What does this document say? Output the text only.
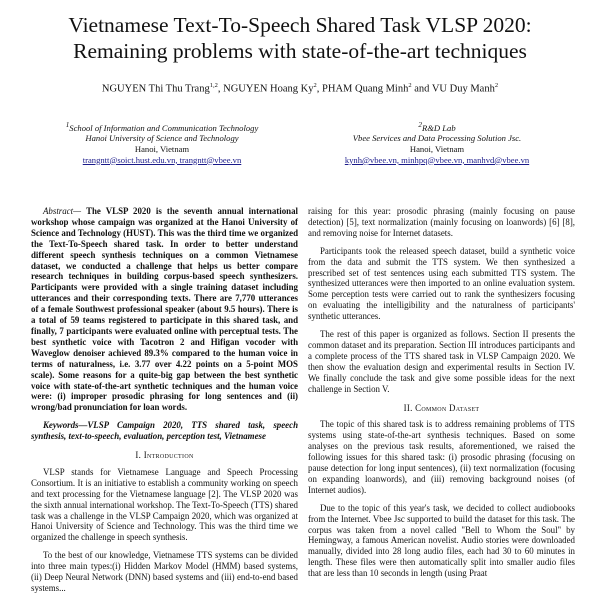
Vietnamese Text-To-Speech Shared Task VLSP 2020:
Remaining problems with state-of-the-art techniques
NGUYEN Thi Thu Trang$^{1,2}$, NGUYEN Hoang Ky$^2$, PHAM Quang Minh$^2$ and VU Duy Manh$^2$
$^1$School of Information and Communication Technology
Hanoi University of Science and Technology
Hanoi, Vietnam
trangntt@soict.hust.edu.vn, trangntt@vbee.vn
$^2$R&D Lab
Vbee Services and Data Processing Solution Jsc.
Hanoi, Vietnam
kynh@vbee.vn, minhpq@vbee.vn, manhvd@vbee.vn

Abstract— The VLSP 2020 is the seventh annual international workshop whose campaign was organized at the Hanoi University of Science and Technology (HUST). This was the third time we organized the Text-To-Speech shared task. In order to better understand different speech synthesis techniques on a common Vietnamese dataset, we conducted a challenge that helps us better compare research techniques in building corpus-based speech synthesizers. Participants were provided with a single training dataset including utterances and their corresponding texts. There are 7,770 utterances of a female Southwest professional speaker (about 9.5 hours). There is a total of 59 teams registered to participate in this shared task, and finally, 7 participants were evaluated online with perceptual tests. The best synthetic voice with Tacotron 2 and Hifigan vocoder with Waveglow denoiser achieved 89.3% compared to the human voice in terms of naturalness, i.e. 3.77 over 4.22 points on a 5-point MOS scale). Some reasons for a quite-big gap between the best synthetic voice with state-of-the-art synthetic techniques and the human voice were: (i) improper prosodic phrasing for long sentences and (ii) wrong/bad pronunciation for loan words.

Keywords—VLSP Campaign 2020, TTS shared task, speech synthesis, text-to-speech, evaluation, perception test, Vietnamese

I. Introduction

VLSP stands for Vietnamese Language and Speech Processing Consortium. It is an initiative to establish a community working on speech and text processing for the Vietnamese language [2]. The VLSP 2020 was the sixth annual international workshop. The Text-To-Speech (TTS) shared task was a challenge in the VLSP Campaign 2020, which was organized at Hanoi University of Science and Technology. This was the third time we organized the challenge in speech synthesis.

To the best of our knowledge, Vietnamese TTS systems can be divided into three main types:(i) Hidden Markov Model (HMM) based systems, (ii) Deep Neural Network (DNN) based systems and (iii) end-to-end based systems...

raising for this year: prosodic phrasing (mainly focusing on pause detection) [5], text normalization (mainly focusing on loanwords) [6] [8], and removing noise for Internet datasets.

Participants took the released speech dataset, build a synthetic voice from the data and submit the TTS system. We then synthesized a prescribed set of test sentences using each submitted TTS system. The synthesized utterances were then imported to an online evaluation system. Some perception tests were carried out to rank the synthesizers focusing on evaluating the intelligibility and the naturalness of participants' synthetic utterances.

The rest of this paper is organized as follows. Section II presents the common dataset and its preparation. Section III introduces participants and a complete process of the TTS shared task in VLSP Campaign 2020. We then show the evaluation design and experimental results in Section IV. We finally conclude the task and give some possible ideas for the next challenge in Section V.

II. Common Dataset

The topic of this shared task is to address remaining problems of TTS systems using state-of-the-art synthesis techniques. Based on some analyses on the previous task results, aforementioned, we raised the following issues for this shared task: (i) prosodic phrasing (focusing on pause detection for long input sentences), (ii) text normalization (focusing on expanding loanwords), and (iii) removing background noises (of Internet audios).

Due to the topic of this year's task, we decided to collect audiobooks from the Internet. Vbee Jsc supported to build the dataset for this task. The corpus was taken from a novel called "Bell to Whom the Soul" by Hemingway, a famous American novelist. Audio stories were downloaded manually, divided into 28 long audio files, each had 30 to 60 minutes in length. These files were then automatically split into smaller audio files that are less than 10 seconds in length (using Praat
